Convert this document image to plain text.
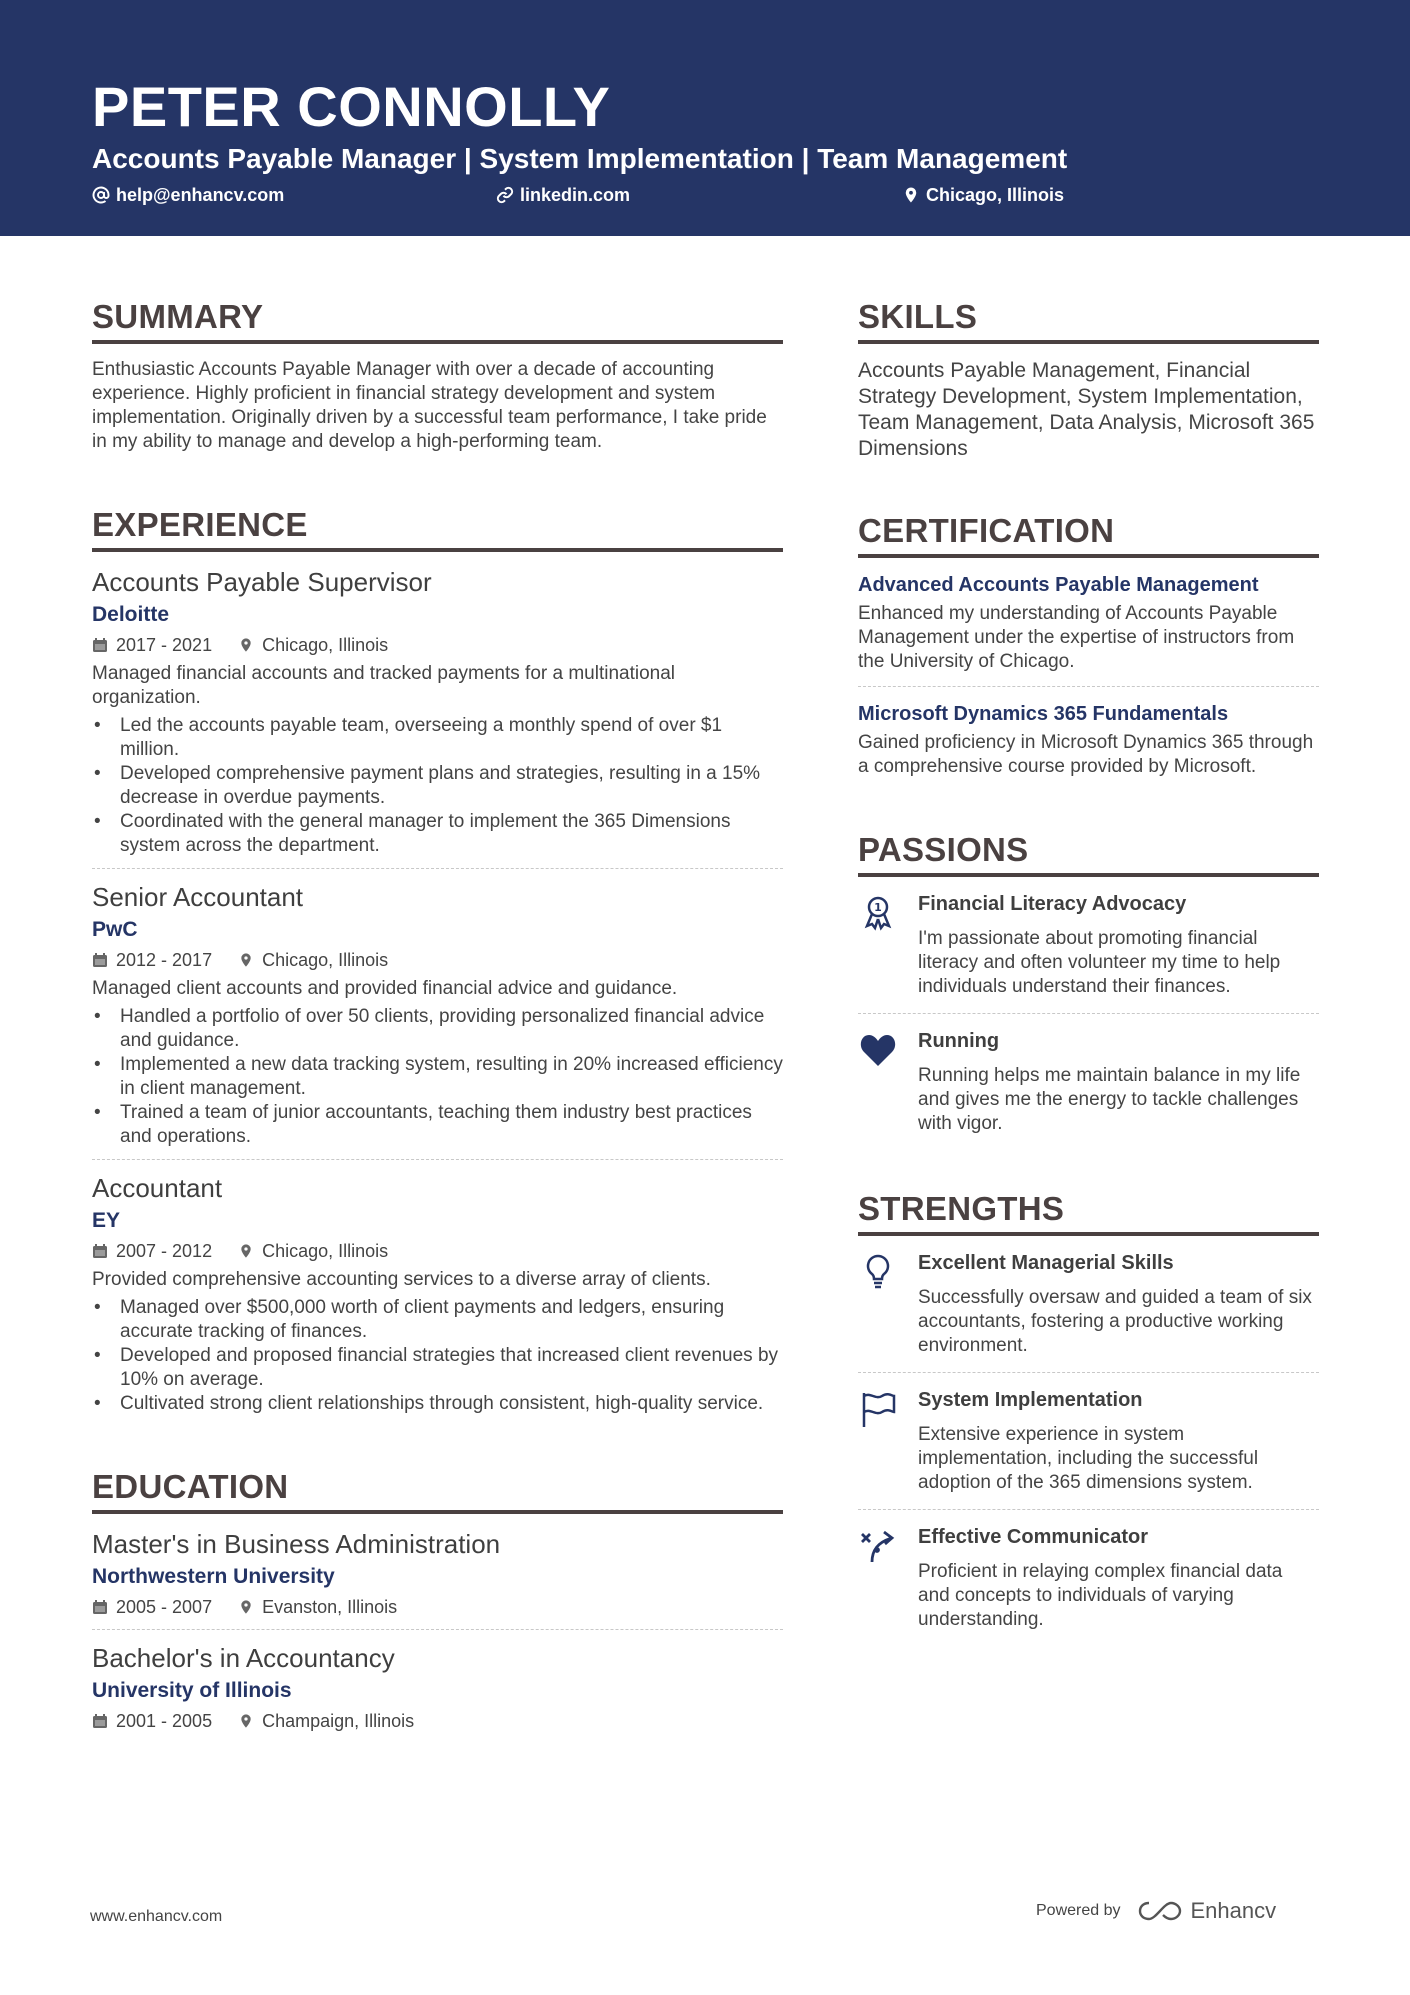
PETER CONNOLLY
Accounts Payable Manager | System Implementation | Team Management
help@enhancv.com	linkedin.com	Chicago, Illinois
SUMMARY

Enthusiastic Accounts Payable Manager with over a decade of accounting experience. Highly proficient in financial strategy development and system implementation. Originally driven by a successful team performance, I take pride in my ability to manage and develop a high-performing team.

EXPERIENCE
Accounts Payable Supervisor
Deloitte
2017 - 2021	Chicago, Illinois

Managed financial accounts and tracked payments for a multinational organization.

• Led the accounts payable team, overseeing a monthly spend of over $1 million.
• Developed comprehensive payment plans and strategies, resulting in a 15% decrease in overdue payments.
• Coordinated with the general manager to implement the 365 Dimensions system across the department.
Senior Accountant
PwC
2012 - 2017	Chicago, Illinois

Managed client accounts and provided financial advice and guidance.

• Handled a portfolio of over 50 clients, providing personalized financial advice and guidance.
• Implemented a new data tracking system, resulting in 20% increased efficiency in client management.
• Trained a team of junior accountants, teaching them industry best practices and operations.
Accountant
EY
2007 - 2012	Chicago, Illinois

Provided comprehensive accounting services to a diverse array of clients.

• Managed over $500,000 worth of client payments and ledgers, ensuring accurate tracking of finances.
• Developed and proposed financial strategies that increased client revenues by 10% on average.
• Cultivated strong client relationships through consistent, high-quality service.
EDUCATION
Master's in Business Administration
Northwestern University
2005 - 2007	Evanston, Illinois
Bachelor's in Accountancy
University of Illinois
2001 - 2005	Champaign, Illinois
SKILLS

Accounts Payable Management, Financial Strategy Development, System Implementation, Team Management, Data Analysis, Microsoft 365 Dimensions

CERTIFICATION
Advanced Accounts Payable Management

Enhanced my understanding of Accounts Payable Management under the expertise of instructors from the University of Chicago.

Microsoft Dynamics 365 Fundamentals

Gained proficiency in Microsoft Dynamics 365 through a comprehensive course provided by Microsoft.

PASSIONS
1 Financial Literacy Advocacy

I'm passionate about promoting financial literacy and often volunteer my time to help individuals understand their finances.

Running

Running helps me maintain balance in my life and gives me the energy to tackle challenges with vigor.

STRENGTHS
Excellent Managerial Skills

Successfully oversaw and guided a team of six accountants, fostering a productive working environment.

System Implementation

Extensive experience in system implementation, including the successful adoption of the 365 dimensions system.

Effective Communicator

Proficient in relaying complex financial data and concepts to individuals of varying understanding.

www.enhancv.com	Powered by	Enhancv
